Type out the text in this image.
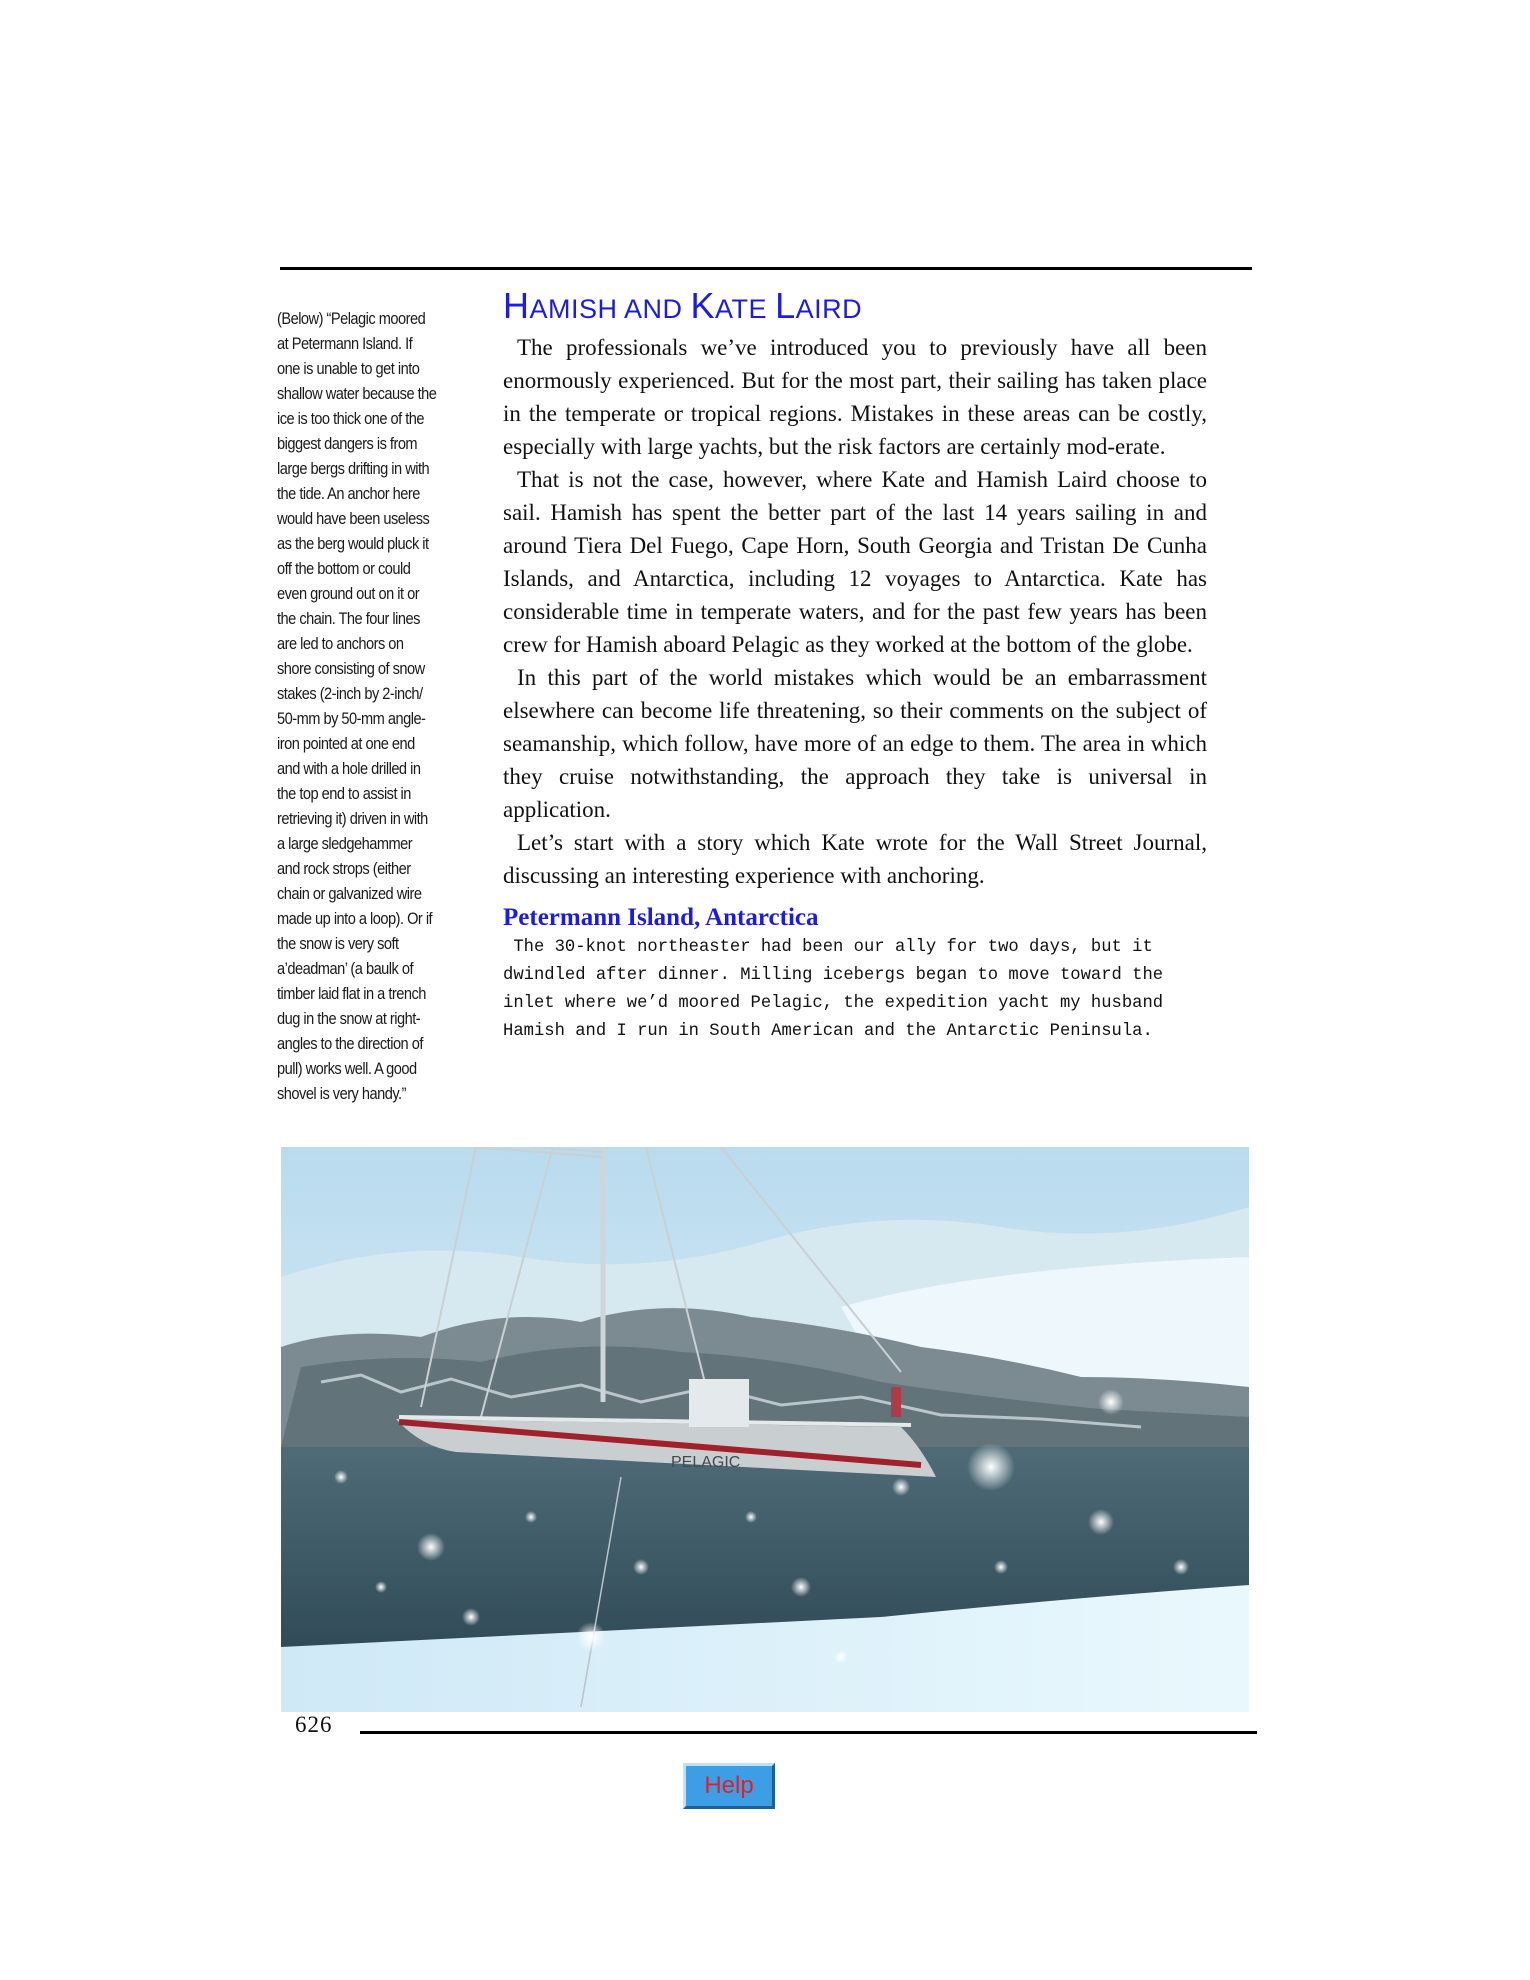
(Below) “Pelagic moored

at Petermann Island. If

one is unable to get into

shallow water because the

ice is too thick one of the

biggest dangers is from

large bergs drifting in with

the tide. An anchor here

would have been useless

as the berg would pluck it

off the bottom or could

even ground out on it or

the chain. The four lines

are led to anchors on

shore consisting of snow

stakes (2-inch by 2-inch/

50-mm by 50-mm angle-

iron pointed at one end

and with a hole drilled in

the top end to assist in

retrieving it) driven in with

a large sledgehammer

and rock strops (either

chain or galvanized wire

made up into a loop). Or if

the snow is very soft

a’deadman’ (a baulk of

timber laid flat in a trench

dug in the snow at right-

angles to the direction of

pull) works well. A good

shovel is very handy.”

HAMISH AND KATE LAIRD

The professionals we’ve introduced you to previously have all been enormously experienced. But for the most part, their sailing has taken place in the temperate or tropical regions. Mistakes in these areas can be costly, especially with large yachts, but the risk factors are certainly mod-erate.

That is not the case, however, where Kate and Hamish Laird choose to sail. Hamish has spent the better part of the last 14 years sailing in and around Tiera Del Fuego, Cape Horn, South Georgia and Tristan De Cunha Islands, and Antarctica, including 12 voyages to Antarctica. Kate has considerable time in temperate waters, and for the past few years has been crew for Hamish aboard Pelagic as they worked at the bottom of the globe.

In this part of the world mistakes which would be an embarrassment elsewhere can become life threatening, so their comments on the subject of seamanship, which follow, have more of an edge to them. The area in which they cruise notwithstanding, the approach they take is universal in application.

Let’s start with a story which Kate wrote for the Wall Street Journal, discussing an interesting experience with anchoring.

Petermann Island, Antarctica
The 30-knot northeaster had been our ally for two days, but it
dwindled after dinner. Milling icebergs began to move toward the
inlet where we’d moored Pelagic, the expedition yacht my husband
Hamish and I run in South American and the Antarctic Peninsula.
PELAGIC
626
Help
